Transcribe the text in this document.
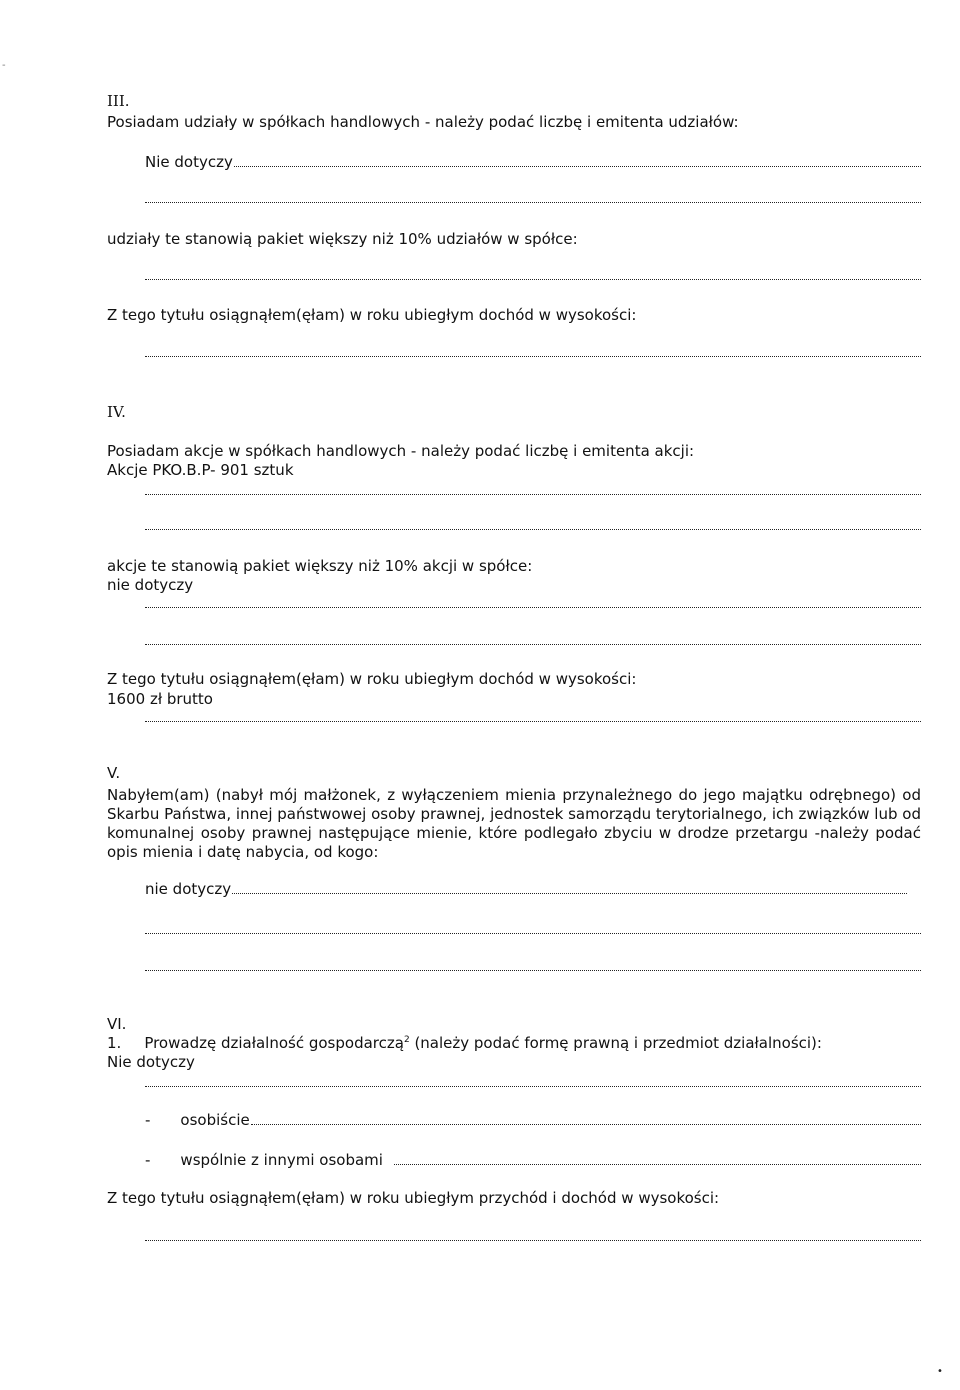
III.

Posiadam udziały w spółkach handlowych - należy podać liczbę i emitenta udziałów:

Nie dotyczy

udziały te stanowią pakiet większy niż 10% udziałów w spółce:

Z tego tytułu osiągnąłem(ęłam) w roku ubiegłym dochód w wysokości:

IV.

Posiadam akcje w spółkach handlowych - należy podać liczbę i emitenta akcji:

Akcje PKO.B.P- 901 sztuk

akcje te stanowią pakiet większy niż 10% akcji w spółce:

nie dotyczy

Z tego tytułu osiągnąłem(ęłam) w roku ubiegłym dochód w wysokości:

1600 zł brutto

V.

Nabyłem(am) (nabył mój małżonek, z wyłączeniem mienia przynależnego do jego majątku odrębnego) od Skarbu Państwa, innej państwowej osoby prawnej, jednostek samorządu terytorialnego, ich związków lub od komunalnej osoby prawnej następujące mienie, które podlegało zbyciu w drodze przetargu -należy podać opis mienia i datę nabycia, od kogo:

nie dotyczy

VI.

1. Prowadzę działalność gospodarczą$^2$ (należy podać formę prawną i przedmiot działalności):

Nie dotyczy

- osobiście
- wspólnie z innymi osobami

Z tego tytułu osiągnąłem(ęłam) w roku ubiegłym przychód i dochód w wysokości:

-
•
